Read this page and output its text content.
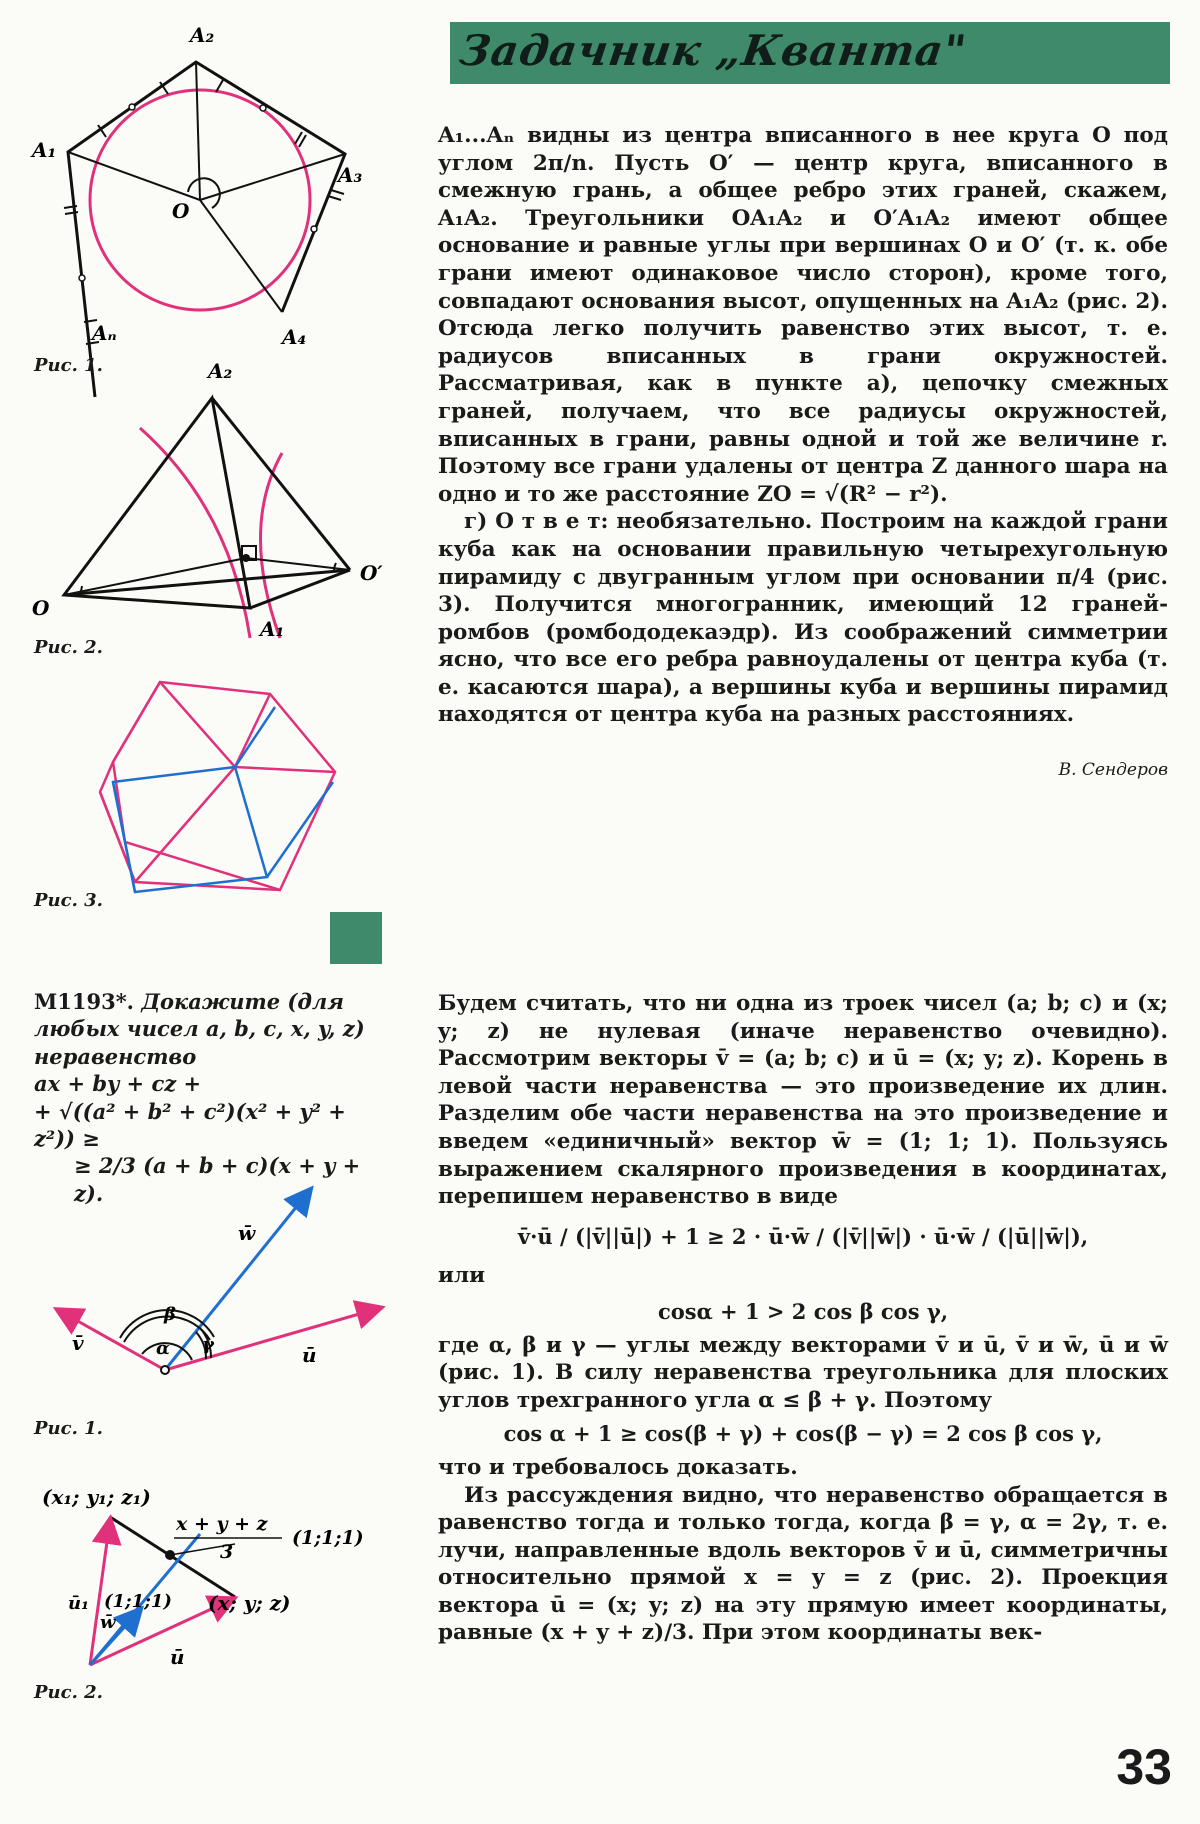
Задачник „Кванта"
A₂
A₁
A₃
A₄
Aₙ
O
Рис. 1.	A₂
O
O′
A₁
Рис. 2.
Рис. 3.

A₁...Aₙ видны из центра вписанного в нее круга O под углом 2π/n. Пусть O′ — центр круга, вписанного в смежную грань, а общее ребро этих граней, скажем, A₁A₂. Треугольники OA₁A₂ и O′A₁A₂ имеют общее основание и равные углы при вершинах O и O′ (т. к. обе грани имеют одинаковое число сторон), кроме того, совпадают основания высот, опущенных на A₁A₂ (рис. 2). Отсюда легко получить равенство этих высот, т. е. радиусов вписанных в грани окружностей. Рассматривая, как в пункте а), цепочку смежных граней, получаем, что все радиусы окружностей, вписанных в грани, равны одной и той же величине r. Поэтому все грани удалены от центра Z данного шара на одно и то же расстояние ZO = √(R² − r²).

г) О т в е т: необязательно. Построим на каждой грани куба как на основании правильную четырехугольную пирамиду с двугранным углом при основании π/4 (рис. 3). Получится многогранник, имеющий 12 граней-ромбов (ромбододекаэдр). Из соображений симметрии ясно, что все его ребра равноудалены от центра куба (т. е. касаются шара), а вершины куба и вершины пирамид находятся от центра куба на разных расстояниях.

В. Сендеров
М1193*. Докажите (для любых чисел a, b, c, x, y, z) неравенство
ax + by + cz +
+ √((a² + b² + c²)(x² + y² + z²)) ≥
≥ 2/3 (a + b + c)(x + y + z).
w̄
v̄	ū
α
β
γ
Рис. 1.
(x₁; y₁; z₁)
(x; y; z)
(1;1;1)
x + y + z
3
(1;1;1)
ū₁
w̄
ū
Рис. 2.

Будем считать, что ни одна из троек чисел (a; b; c) и (x; y; z) не нулевая (иначе неравенство очевидно). Рассмотрим векторы v̄ = (a; b; c) и ū = (x; y; z). Корень в левой части неравенства — это произведение их длин. Разделим обе части неравенства на это произведение и введем «единичный» вектор w̄ = (1; 1; 1). Пользуясь выражением скалярного произведения в координатах, перепишем неравенство в виде

v̄·ū / (|v̄||ū|) + 1 ≥ 2 · ū·w̄ / (|v̄||w̄|) · ū·w̄ / (|ū||w̄|),

или

cosα + 1 > 2 cos β cos γ,

где α, β и γ — углы между векторами v̄ и ū, v̄ и w̄, ū и w̄ (рис. 1). В силу неравенства треугольника для плоских углов трехгранного угла α ≤ β + γ. Поэтому

cos α + 1 ≥ cos(β + γ) + cos(β − γ) = 2 cos β cos γ,

что и требовалось доказать.

Из рассуждения видно, что неравенство обращается в равенство тогда и только тогда, когда β = γ, α = 2γ, т. е. лучи, направленные вдоль векторов v̄ и ū, симметричны относительно прямой x = y = z (рис. 2). Проекция вектора ū = (x; y; z) на эту прямую имеет координаты, равные (x + y + z)/3. При этом координаты век-

33
